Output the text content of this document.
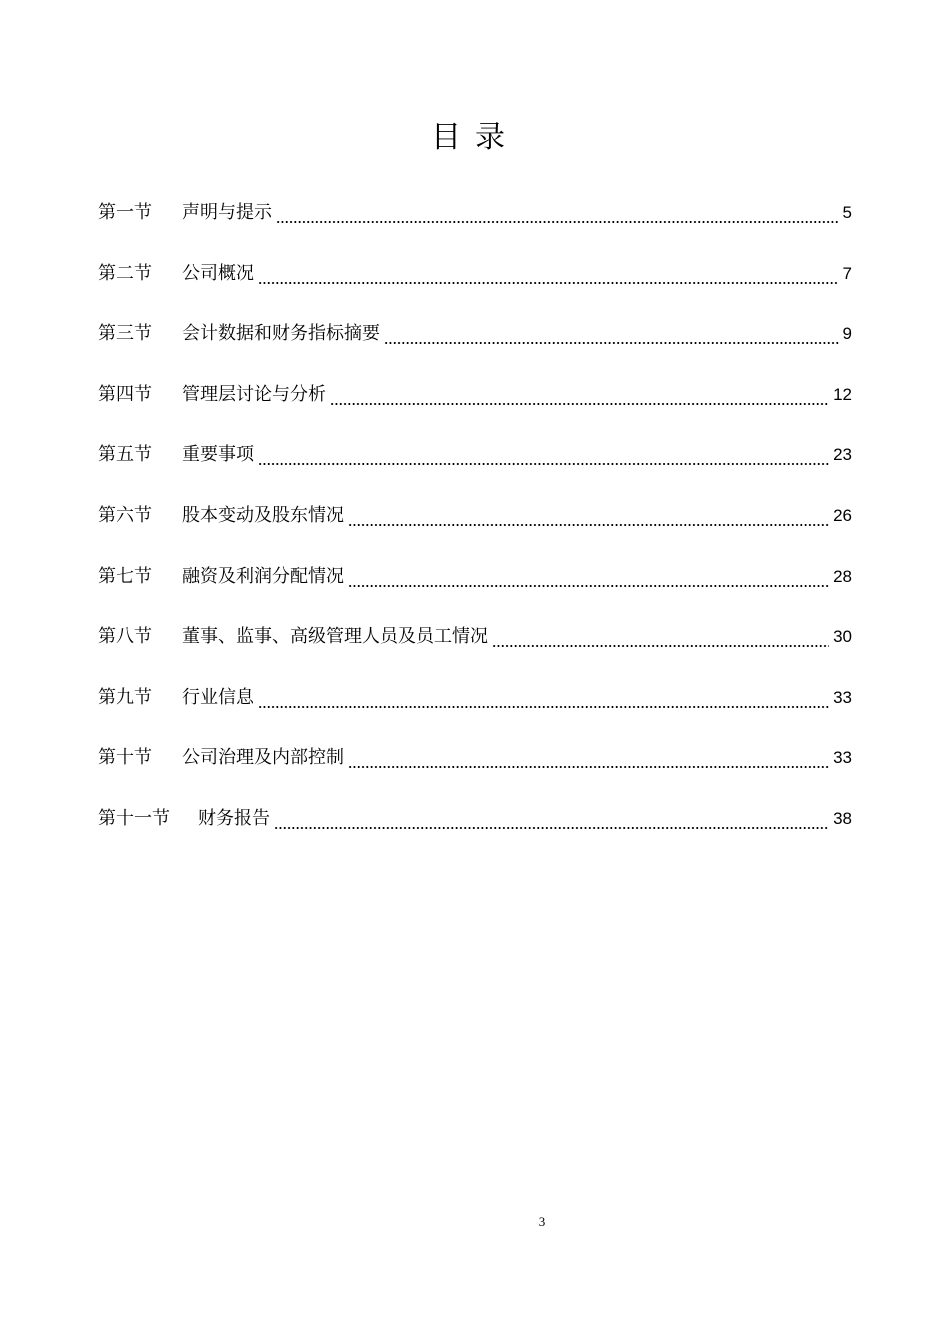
目录
第一节	声明与提示	5
第二节	公司概况	7
第三节	会计数据和财务指标摘要	9
第四节	管理层讨论与分析	12
第五节	重要事项	23
第六节	股本变动及股东情况	26
第七节	融资及利润分配情况	28
第八节	董事、监事、高级管理人员及员工情况	30
第九节	行业信息	33
第十节	公司治理及内部控制	33
第十一节	财务报告	38
3
